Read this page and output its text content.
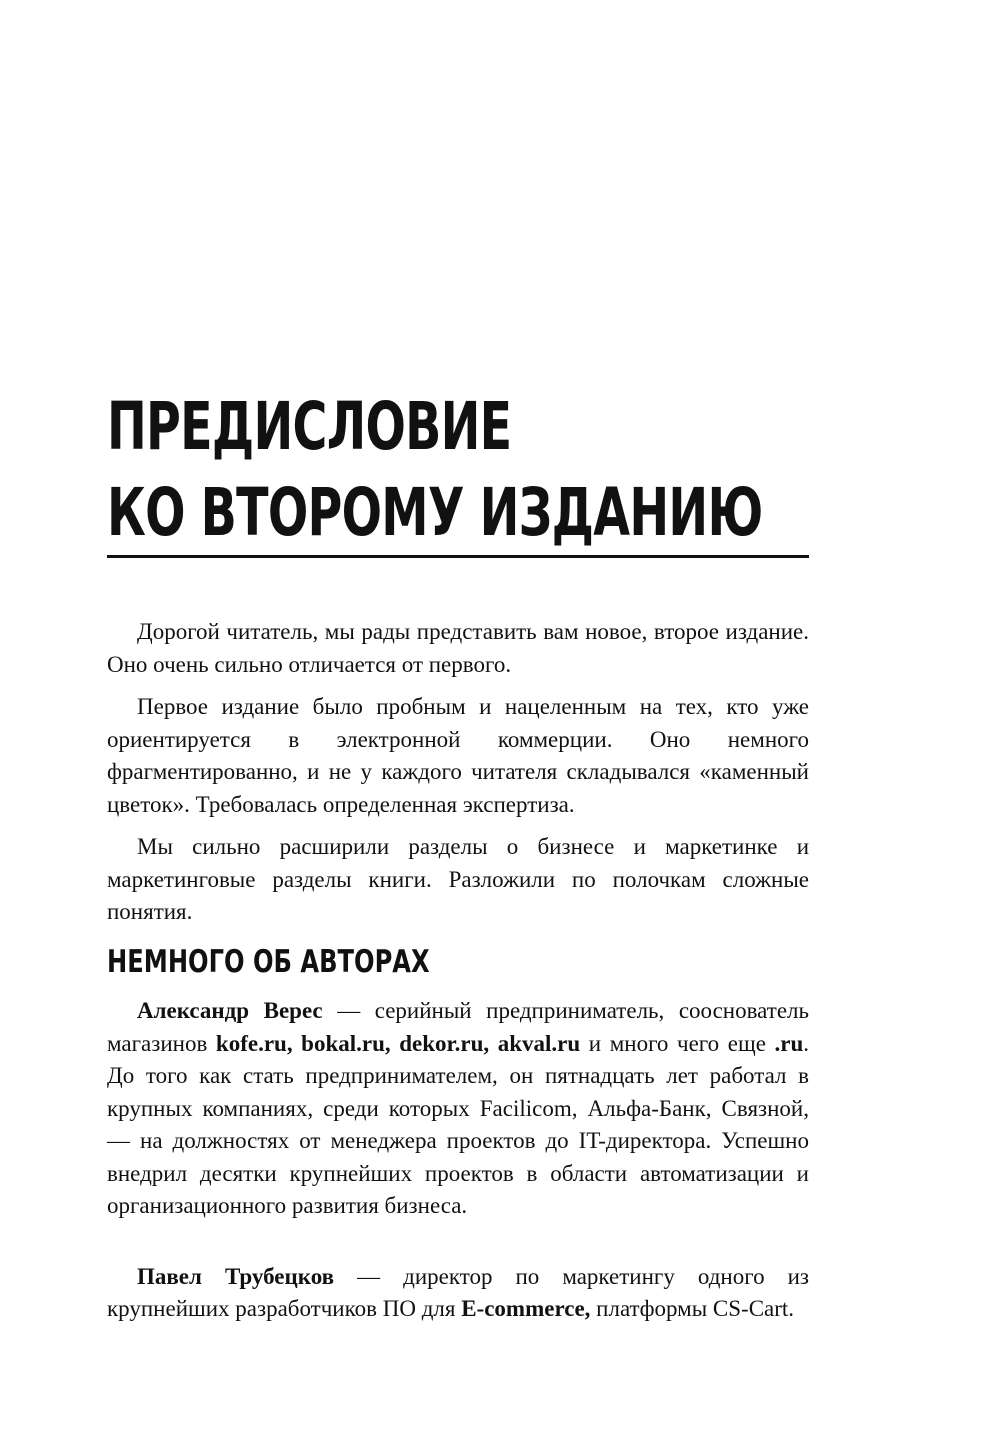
ПРЕДИСЛОВИЕ
КО ВТОРОМУ ИЗДАНИЮ

Дорогой читатель, мы рады представить вам новое, второе издание. Оно очень сильно отличается от первого.

Первое издание было пробным и нацеленным на тех, кто уже ориентируется в электронной коммерции. Оно немного фрагментированно, и не у каждого читателя складывался «каменный цветок». Требовалась определенная экспертиза.

Мы сильно расширили разделы о бизнесе и маркетинке и маркетинговые разделы книги. Разложили по полочкам сложные понятия.

НЕМНОГО ОБ АВТОРАХ

Александр Верес — серийный предприниматель, сооснователь магазинов kofe.ru, bokal.ru, dekor.ru, akval.ru и много чего еще .ru. До того как стать предпринимателем, он пятнадцать лет работал в крупных компаниях, среди которых Facilicom, Альфа-Банк, Связной, — на должностях от менеджера проектов до IT-директора. Успешно внедрил десятки крупнейших проектов в области автоматизации и организационного развития бизнеса.

Павел Трубецков — директор по маркетингу одного из крупнейших разработчиков ПО для E-commerce, платформы CS-Cart.
